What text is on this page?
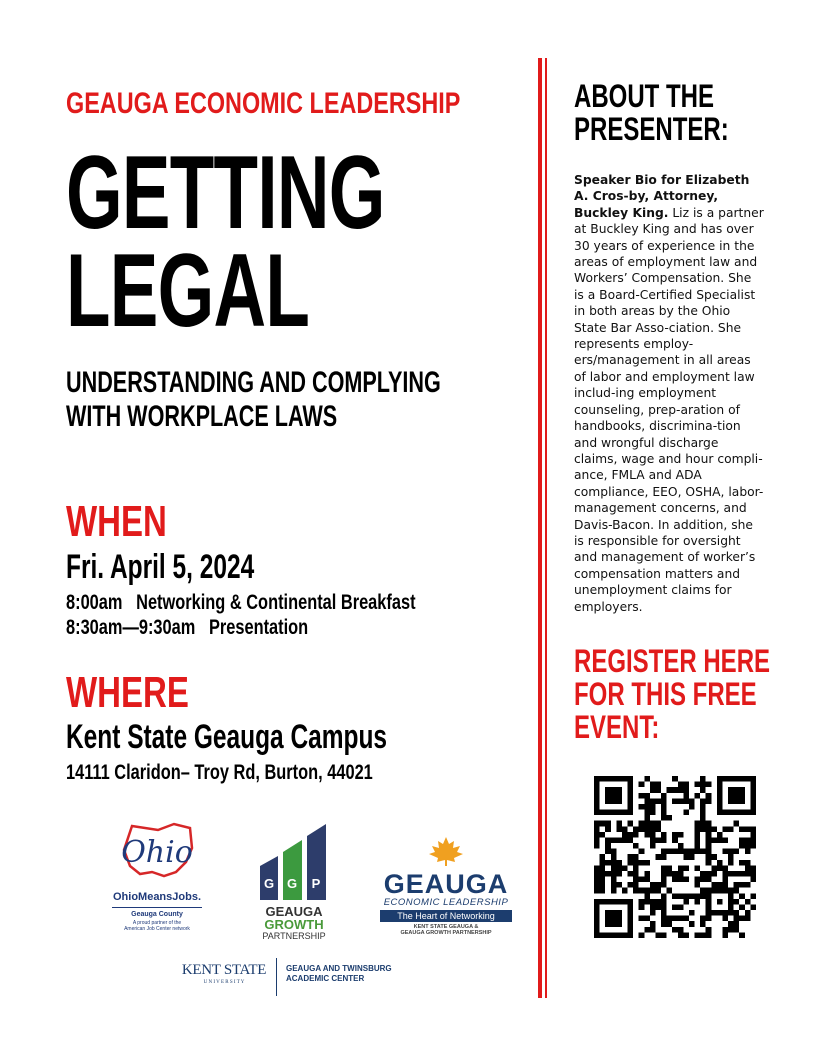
GEAUGA ECONOMIC LEADERSHIP
GETTING
LEGAL
UNDERSTANDING AND COMPLYING
WITH WORKPLACE LAWS
WHEN
Fri. April 5, 2024
8:00am   Networking & Continental Breakfast
8:30am—9:30am   Presentation
WHERE
Kent State Geauga Campus
14111 Claridon– Troy Rd, Burton, 44021
ABOUT THE
PRESENTER:
Speaker Bio for Elizabeth A. Cros-by, Attorney, Buckley King. Liz is a partner at Buckley King and has over 30 years of experience in the areas of employment law and Workers’ Compensation. She is a Board-Certified Specialist in both areas by the Ohio State Bar Asso-ciation. She represents employ-ers/management in all areas of labor and employment law includ-ing employment counseling, prep-aration of handbooks, discrimina-tion and wrongful discharge claims, wage and hour compli-ance, FMLA and ADA compliance, EEO, OSHA, labor-management concerns, and Davis-Bacon. In addition, she is responsible for oversight and management of worker’s compensation matters and unemployment claims for employers.
REGISTER HERE
FOR THIS FREE
EVENT:
Ohio
OhioMeansJobs.
Geauga County
A proud partner of the
American Job Center network
G G P
GEAUGA
GROWTH
PARTNERSHIP
GEAUGA
ECONOMIC LEADERSHIP
The Heart of Networking
KENT STATE GEAUGA &
GEAUGA GROWTH PARTNERSHIP
KENT STATE
U N I V E R S I T Y
GEAUGA AND TWINSBURG
ACADEMIC CENTER
